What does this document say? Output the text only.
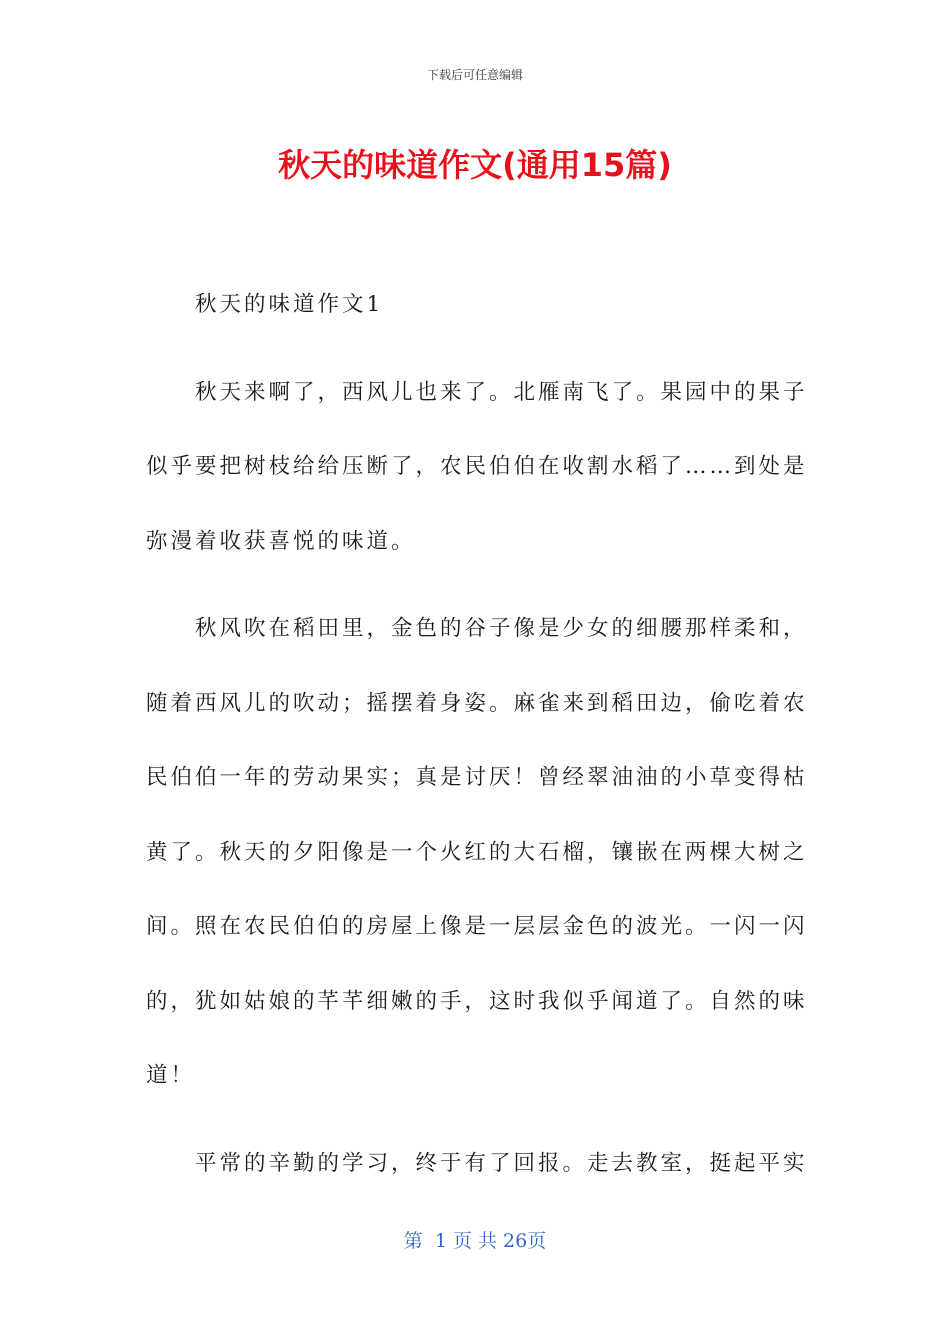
下载后可任意编辑
秋天的味道作文(通用15篇)
秋天的味道作文1
秋天来啊了，西风儿也来了。北雁南飞了。果园中的果子
似乎要把树枝给给压断了，农民伯伯在收割水稻了……到处是
弥漫着收获喜悦的味道。
秋风吹在稻田里，金色的谷子像是少女的细腰那样柔和，
随着西风儿的吹动；摇摆着身姿。麻雀来到稻田边，偷吃着农
民伯伯一年的劳动果实；真是讨厌！曾经翠油油的小草变得枯
黄了。秋天的夕阳像是一个火红的大石榴，镶嵌在两棵大树之
间。照在农民伯伯的房屋上像是一层层金色的波光。一闪一闪
的，犹如姑娘的芊芊细嫩的手，这时我似乎闻道了。自然的味
道！
平常的辛勤的学习，终于有了回报。走去教室，挺起平实
第  1 页 共 26页
